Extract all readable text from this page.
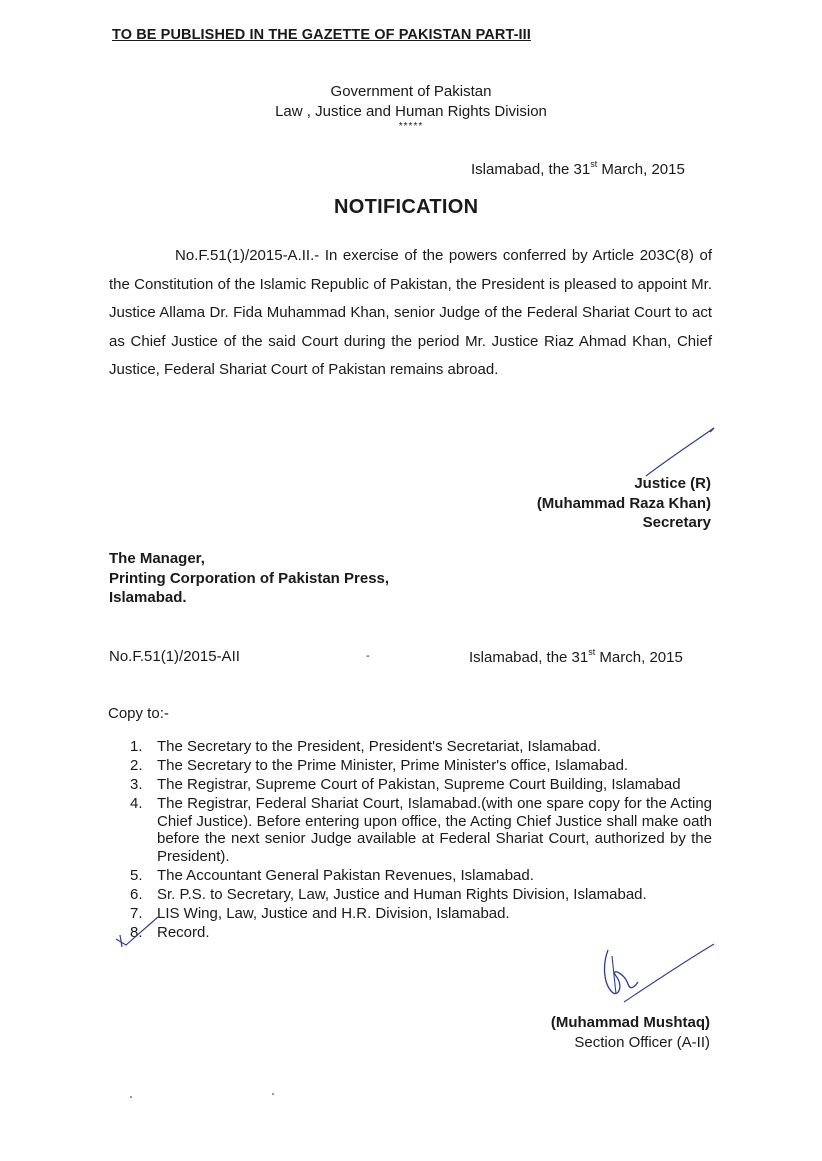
TO BE PUBLISHED IN THE GAZETTE OF PAKISTAN PART-III
Government of Pakistan
Law , Justice and Human Rights Division
*****
Islamabad, the 31st March, 2015
NOTIFICATION
No.F.51(1)/2015-A.II.- In exercise of the powers conferred by Article 203C(8) of the Constitution of the Islamic Republic of Pakistan, the President is pleased to appoint Mr. Justice Allama Dr. Fida Muhammad Khan, senior Judge of the Federal Shariat Court to act as Chief Justice of the said Court during the period Mr. Justice Riaz Ahmad Khan, Chief Justice, Federal Shariat Court of Pakistan remains abroad.
Justice (R)
(Muhammad Raza Khan)
Secretary
The Manager,
Printing Corporation of Pakistan Press,
Islamabad.
No.F.51(1)/2015-AII	-	Islamabad, the 31st March, 2015
Copy to:-
1. The Secretary to the President, President's Secretariat, Islamabad.
2. The Secretary to the Prime Minister, Prime Minister's office, Islamabad.
3. The Registrar, Supreme Court of Pakistan, Supreme Court Building, Islamabad
4. The Registrar, Federal Shariat Court, Islamabad.(with one spare copy for the Acting Chief Justice). Before entering upon office, the Acting Chief Justice shall make oath before the next senior Judge available at Federal Shariat Court, authorized by the President).
5. The Accountant General Pakistan Revenues, Islamabad.
6. Sr. P.S. to Secretary, Law, Justice and Human Rights Division, Islamabad.
7. LIS Wing, Law, Justice and H.R. Division, Islamabad.
8. Record.
(Muhammad Mushtaq)
Section Officer (A-II)
